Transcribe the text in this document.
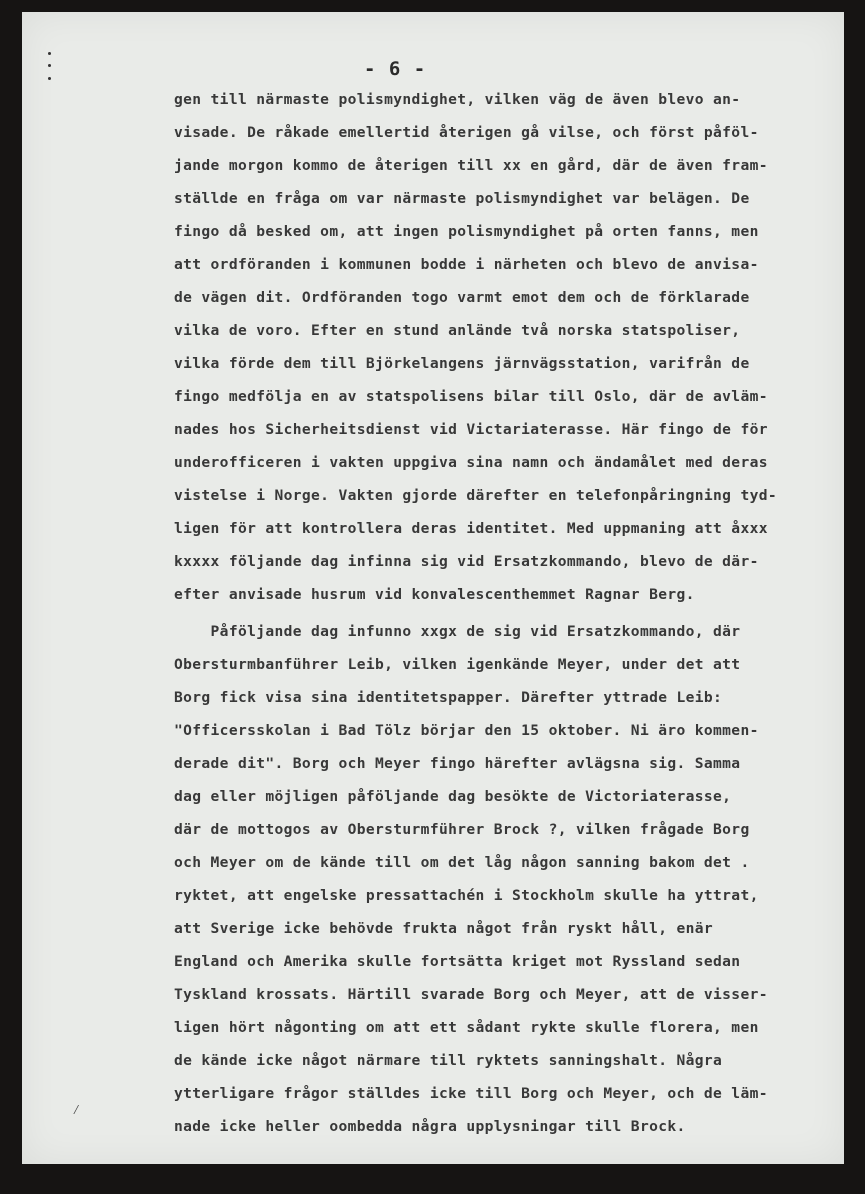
⁄
- 6 -
gen till närmaste polismyndighet, vilken väg de även blevo an-
visade. De råkade emellertid återigen gå vilse, och först påföl-
jande morgon kommo de återigen till xx en gård, där de även fram-
ställde en fråga om var närmaste polismyndighet var belägen. De
fingo då besked om, att ingen polismyndighet på orten fanns, men
att ordföranden i kommunen bodde i närheten och blevo de anvisa-
de vägen dit. Ordföranden togo varmt emot dem och de förklarade
vilka de voro. Efter en stund anlände två norska statspoliser,
vilka förde dem till Björkelangens järnvägsstation, varifrån de
fingo medfölja en av statspolisens bilar till Oslo, där de avläm-
nades hos Sicherheitsdienst vid Victariaterasse. Här fingo de för
underofficeren i vakten uppgiva sina namn och ändamålet med deras
vistelse i Norge. Vakten gjorde därefter en telefonpåringning tyd-
ligen för att kontrollera deras identitet. Med uppmaning att åxxx
kxxxx följande dag infinna sig vid Ersatzkommando, blevo de där-
efter anvisade husrum vid konvalescenthemmet Ragnar Berg.
Påföljande dag infunno xxgx de sig vid Ersatzkommando, där
Obersturmbanführer Leib, vilken igenkände Meyer, under det att
Borg fick visa sina identitetspapper. Därefter yttrade Leib:
"Officersskolan i Bad Tölz börjar den 15 oktober. Ni äro kommen-
derade dit". Borg och Meyer fingo härefter avlägsna sig. Samma
dag eller möjligen påföljande dag besökte de Victoriaterasse,
där de mottogos av Obersturmführer Brock ?, vilken frågade Borg
och Meyer om de kände till om det låg någon sanning bakom det .
ryktet, att engelske pressattachén i Stockholm skulle ha yttrat,
att Sverige icke behövde frukta något från ryskt håll, enär
England och Amerika skulle fortsätta kriget mot Ryssland sedan
Tyskland krossats. Härtill svarade Borg och Meyer, att de visser-
ligen hört någonting om att ett sådant rykte skulle florera, men
de kände icke något närmare till ryktets sanningshalt. Några
ytterligare frågor ställdes icke till Borg och Meyer, och de läm-
nade icke heller oombedda några upplysningar till Brock.
